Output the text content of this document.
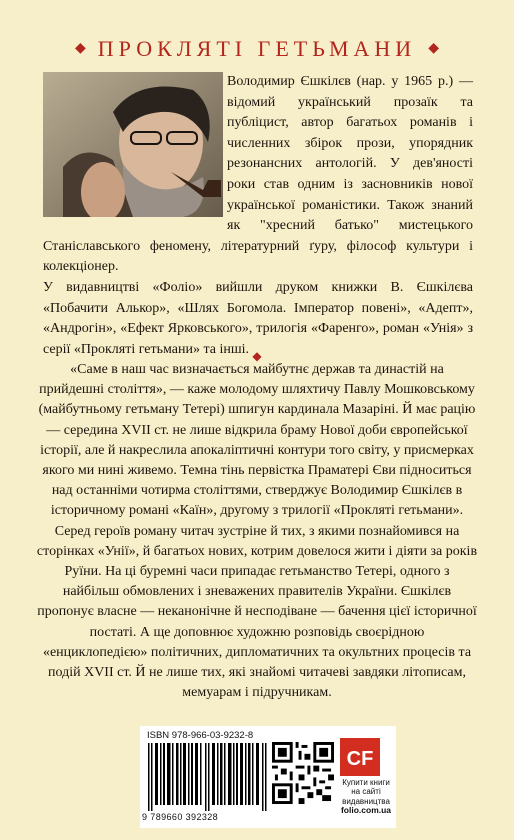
◆ ПРОКЛЯТІ ГЕТЬМАНИ ◆

Володимир Єшкілєв (нар. у 1965 р.) — відомий український прозаїк та публіцист, автор багатьох романів і численних збірок прози, упорядник резонансних антологій. У дев'яності роки став одним із засновників нової української романістики. Також знаний як "хресний батько" мистецького Станіславського феномену, літературний ґуру, філософ культури і колекціонер.

У видавництві «Фоліо» вийшли друком книжки В. Єшкілєва «Побачити Алькор», «Шлях Богомола. Імператор повені», «Адепт», «Андрогін», «Ефект Ярковського», трилогія «Фаренго», роман «Унія» з серії «Прокляті гетьмани» та інші. ◆

«Саме в наш час визначається майбутнє держав та династій на прийдешні століття», — каже молодому шляхтичу Павлу Мошковському (майбутньому гетьману Тетері) шпигун кардинала Мазаріні. Й має рацію — середина XVII ст. не лише відкрила браму Нової доби європейської історії, але й накреслила апокаліптичні контури того світу, у присмерках якого ми нині живемо. Темна тінь первістка Праматері Єви підноситься над останніми чотирма століттями, стверджує Володимир Єшкілєв в історичному романі «Каїн», другому з трилогії «Прокляті гетьмани».

Серед героїв роману читач зустріне й тих, з якими познайомився на сторінках «Унії», й багатьох нових, котрим довелося жити і діяти за років Руїни. На ці буремні часи припадає гетьманство Тетері, одного з найбільш обмовлених і зневажених правителів України. Єшкілєв пропонує власне — неканонічне й несподіване — бачення цієї історичної постаті. А ще доповнює художню розповідь своєрідною «енциклопедією» політичних, дипломатичних та окультних процесів та подій XVII ст. Й не лише тих, які знайомі читачеві завдяки літописам, мемуарам і підручникам.

ISBN 978-966-03-9232-8
9 789660 392328
CF
Купити книги
на сайті
видавництва
folio.com.ua
